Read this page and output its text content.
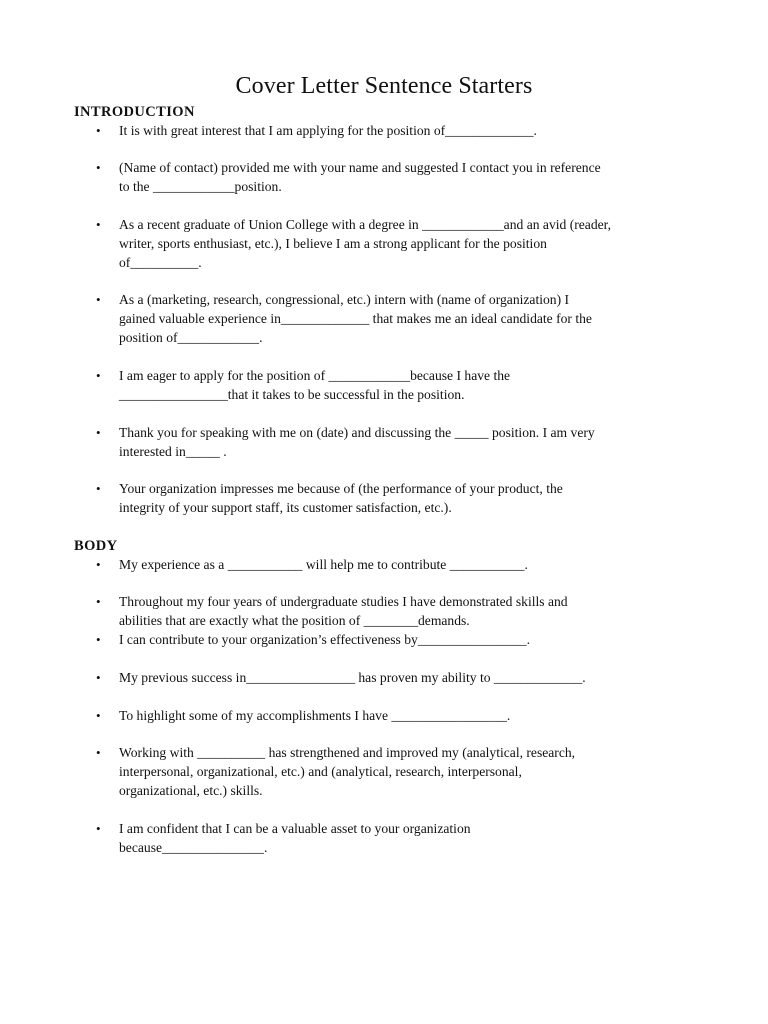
Cover Letter Sentence Starters
INTRODUCTION
•	It is with great interest that I am applying for the position of_____________.
•	(Name of contact) provided me with your name and suggested I contact you in reference
to the ____________position.
•	As a recent graduate of Union College with a degree in ____________and an avid (reader,
writer, sports enthusiast, etc.), I believe I am a strong applicant for the position
of__________.
•	As a (marketing, research, congressional, etc.) intern with (name of organization) I
gained valuable experience in_____________ that makes me an ideal candidate for the
position of____________.
•	I am eager to apply for the position of ____________because I have the
________________that it takes to be successful in the position.
•	Thank you for speaking with me on (date) and discussing the _____ position. I am very
interested in_____ .
•	Your organization impresses me because of (the performance of your product, the
integrity of your support staff, its customer satisfaction, etc.).
BODY
•	My experience as a ___________ will help me to contribute ___________.
•	Throughout my four years of undergraduate studies I have demonstrated skills and
abilities that are exactly what the position of ________demands.
•	I can contribute to your organization’s effectiveness by________________.
•	My previous success in________________ has proven my ability to _____________.
•	To highlight some of my accomplishments I have _________________.
•	Working with __________ has strengthened and improved my (analytical, research,
interpersonal, organizational, etc.) and (analytical, research, interpersonal,
organizational, etc.) skills.
•	I am confident that I can be a valuable asset to your organization
because_______________.
